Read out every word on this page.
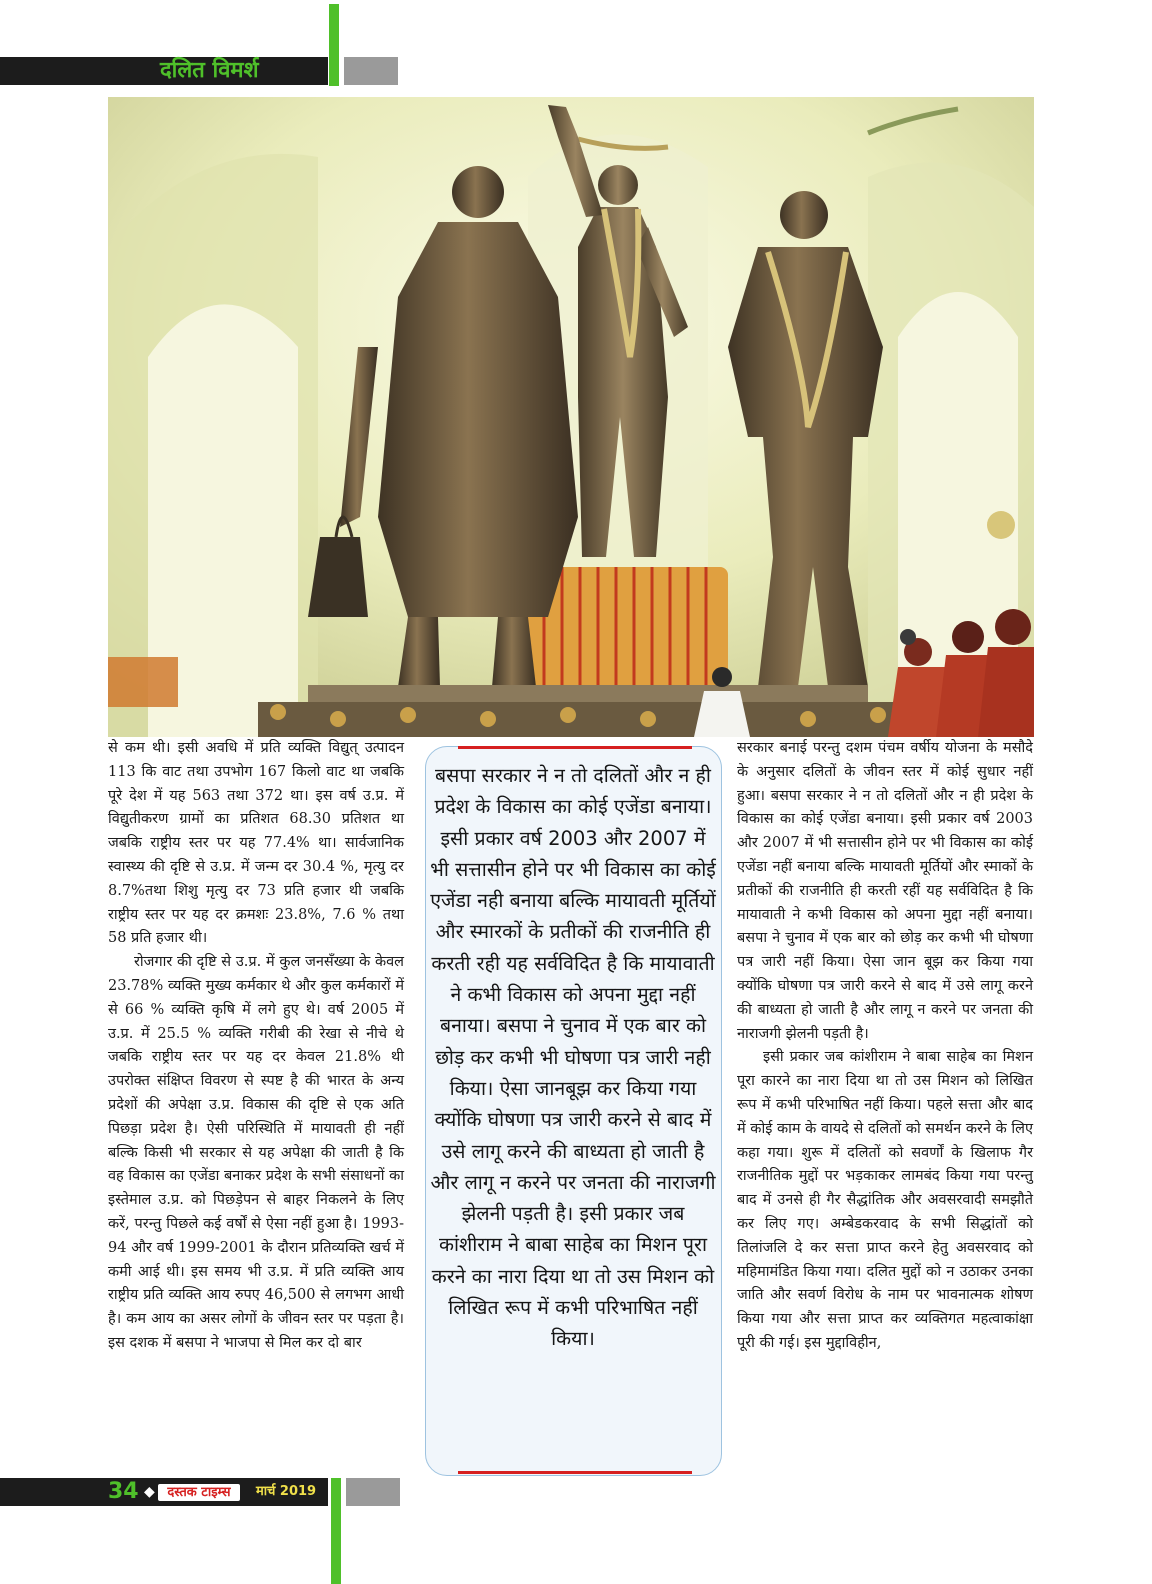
दलित विमर्श

से कम थी। इसी अवधि में प्रति व्यक्ति विद्युत् उत्पादन 113 कि वाट तथा उपभोग 167 किलो वाट था जबकि पूरे देश में यह 563 तथा 372 था। इस वर्ष उ.प्र. में विद्युतीकरण ग्रामों का प्रतिशत 68.30 प्रतिशत था जबकि राष्ट्रीय स्तर पर यह 77.4% था। सार्वजानिक स्वास्थ्य की दृष्टि से उ.प्र. में जन्म दर 30.4 %, मृत्यु दर 8.7%तथा शिशु मृत्यु दर 73 प्रति हजार थी जबकि राष्ट्रीय स्तर पर यह दर क्रमशः 23.8%, 7.6 % तथा 58 प्रति हजार थी।

रोजगार की दृष्टि से उ.प्र. में कुल जनसँख्या के केवल 23.78% व्यक्ति मुख्य कर्मकार थे और कुल कर्मकारों में से 66 % व्यक्ति कृषि में लगे हुए थे। वर्ष 2005 में उ.प्र. में 25.5 % व्यक्ति गरीबी की रेखा से नीचे थे जबकि राष्ट्रीय स्तर पर यह दर केवल 21.8% थी उपरोक्त संक्षिप्त विवरण से स्पष्ट है की भारत के अन्य प्रदेशों की अपेक्षा उ.प्र. विकास की दृष्टि से एक अति पिछड़ा प्रदेश है। ऐसी परिस्थिति में मायावती ही नहीं बल्कि किसी भी सरकार से यह अपेक्षा की जाती है कि वह विकास का एजेंडा बनाकर प्रदेश के सभी संसाधनों का इस्तेमाल उ.प्र. को पिछड़ेपन से बाहर निकलने के लिए करें, परन्तु पिछले कई वर्षों से ऐसा नहीं हुआ है। 1993-94 और वर्ष 1999-2001 के दौरान प्रतिव्यक्ति खर्च में कमी आई थी। इस समय भी उ.प्र. में प्रति व्यक्ति आय राष्ट्रीय प्रति व्यक्ति आय रुपए 46,500 से लगभग आधी है। कम आय का असर लोगों के जीवन स्तर पर पड़ता है। इस दशक में बसपा ने भाजपा से मिल कर दो बार

बसपा सरकार ने न तो दलितों और न ही प्रदेश के विकास का कोई एजेंडा बनाया। इसी प्रकार वर्ष 2003 और 2007 में भी सत्तासीन होने पर भी विकास का कोई एजेंडा नही बनाया बल्कि मायावती मूर्तियों और स्मारकों के प्रतीकों की राजनीति ही करती रही यह सर्वविदित है कि मायावाती ने कभी विकास को अपना मुद्दा नहीं बनाया। बसपा ने चुनाव में एक बार को छोड़ कर कभी भी घोषणा पत्र जारी नही किया। ऐसा जानबूझ कर किया गया क्योंकि घोषणा पत्र जारी करने से बाद में उसे लागू करने की बाध्यता हो जाती है और लागू न करने पर जनता की नाराजगी झेलनी पड़ती है। इसी प्रकार जब कांशीराम ने बाबा साहेब का मिशन पूरा करने का नारा दिया था तो उस मिशन को लिखित रूप में कभी परिभाषित नहीं किया।

सरकार बनाई परन्तु दशम पंचम वर्षीय योजना के मसौदे के अनुसार दलितों के जीवन स्तर में कोई सुधार नहीं हुआ। बसपा सरकार ने न तो दलितों और न ही प्रदेश के विकास का कोई एजेंडा बनाया। इसी प्रकार वर्ष 2003 और 2007 में भी सत्तासीन होने पर भी विकास का कोई एजेंडा नहीं बनाया बल्कि मायावती मूर्तियों और स्माकों के प्रतीकों की राजनीति ही करती रहीं यह सर्वविदित है कि मायावाती ने कभी विकास को अपना मुद्दा नहीं बनाया। बसपा ने चुनाव में एक बार को छोड़ कर कभी भी घोषणा पत्र जारी नहीं किया। ऐसा जान बूझ कर किया गया क्योंकि घोषणा पत्र जारी करने से बाद में उसे लागू करने की बाध्यता हो जाती है और लागू न करने पर जनता की नाराजगी झेलनी पड़ती है।

इसी प्रकार जब कांशीराम ने बाबा साहेब का मिशन पूरा कारने का नारा दिया था तो उस मिशन को लिखित रूप में कभी परिभाषित नहीं किया। पहले सत्ता और बाद में कोई काम के वायदे से दलितों को समर्थन करने के लिए कहा गया। शुरू में दलितों को सवर्णों के खिलाफ गैर राजनीतिक मुद्दों पर भड़काकर लामबंद किया गया परन्तु बाद में उनसे ही गैर सैद्धांतिक और अवसरवादी समझौते कर लिए गए। अम्बेडकरवाद के सभी सिद्धांतों को तिलांजलि दे कर सत्ता प्राप्त करने हेतु अवसरवाद को महिमामंडित किया गया। दलित मुद्दों को न उठाकर उनका जाति और सवर्ण विरोध के नाम पर भावनात्मक शोषण किया गया और सत्ता प्राप्त कर व्यक्तिगत महत्वाकांक्षा पूरी की गई। इस मुद्दाविहीन,

34 ◆ दस्तक टाइम्स	मार्च 2019
